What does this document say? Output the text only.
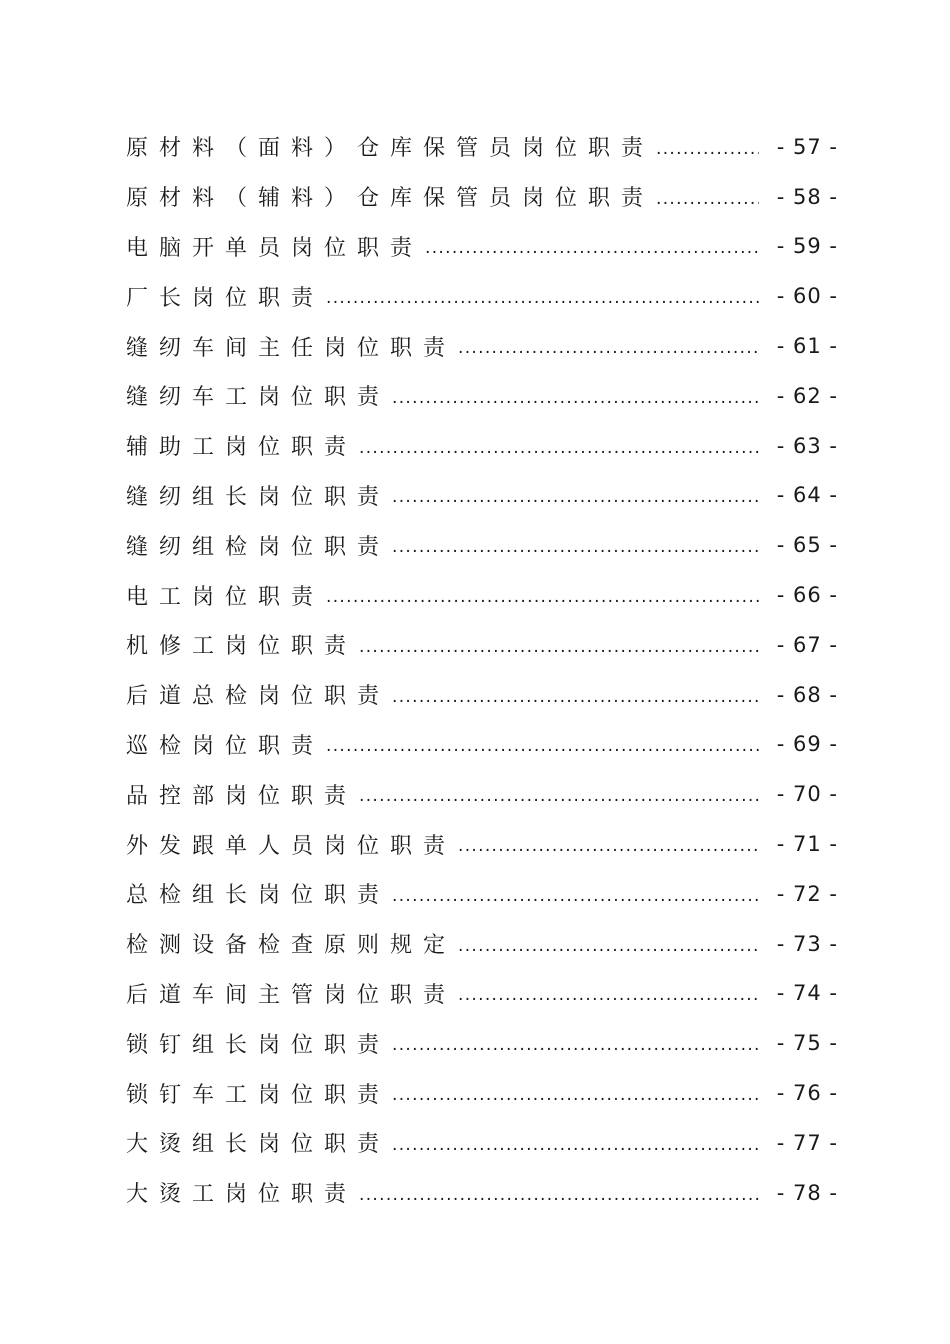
原材料（面料）仓库保管员岗位职责 .....	- 57 -
原材料（辅料）仓库保管员岗位职责 .....	- 58 -
电脑开单员岗位职责 .....	- 59 -
厂长岗位职责 .....	- 60 -
缝纫车间主任岗位职责 .....	- 61 -
缝纫车工岗位职责 .....	- 62 -
辅助工岗位职责 .....	- 63 -
缝纫组长岗位职责 .....	- 64 -
缝纫组检岗位职责 .....	- 65 -
电工岗位职责 .....	- 66 -
机修工岗位职责 .....	- 67 -
后道总检岗位职责 .....	- 68 -
巡检岗位职责 .....	- 69 -
品控部岗位职责 .....	- 70 -
外发跟单人员岗位职责 .....	- 71 -
总检组长岗位职责 .....	- 72 -
检测设备检查原则规定 .....	- 73 -
后道车间主管岗位职责 .....	- 74 -
锁钉组长岗位职责 .....	- 75 -
锁钉车工岗位职责 .....	- 76 -
大烫组长岗位职责 .....	- 77 -
大烫工岗位职责 .....	- 78 -
